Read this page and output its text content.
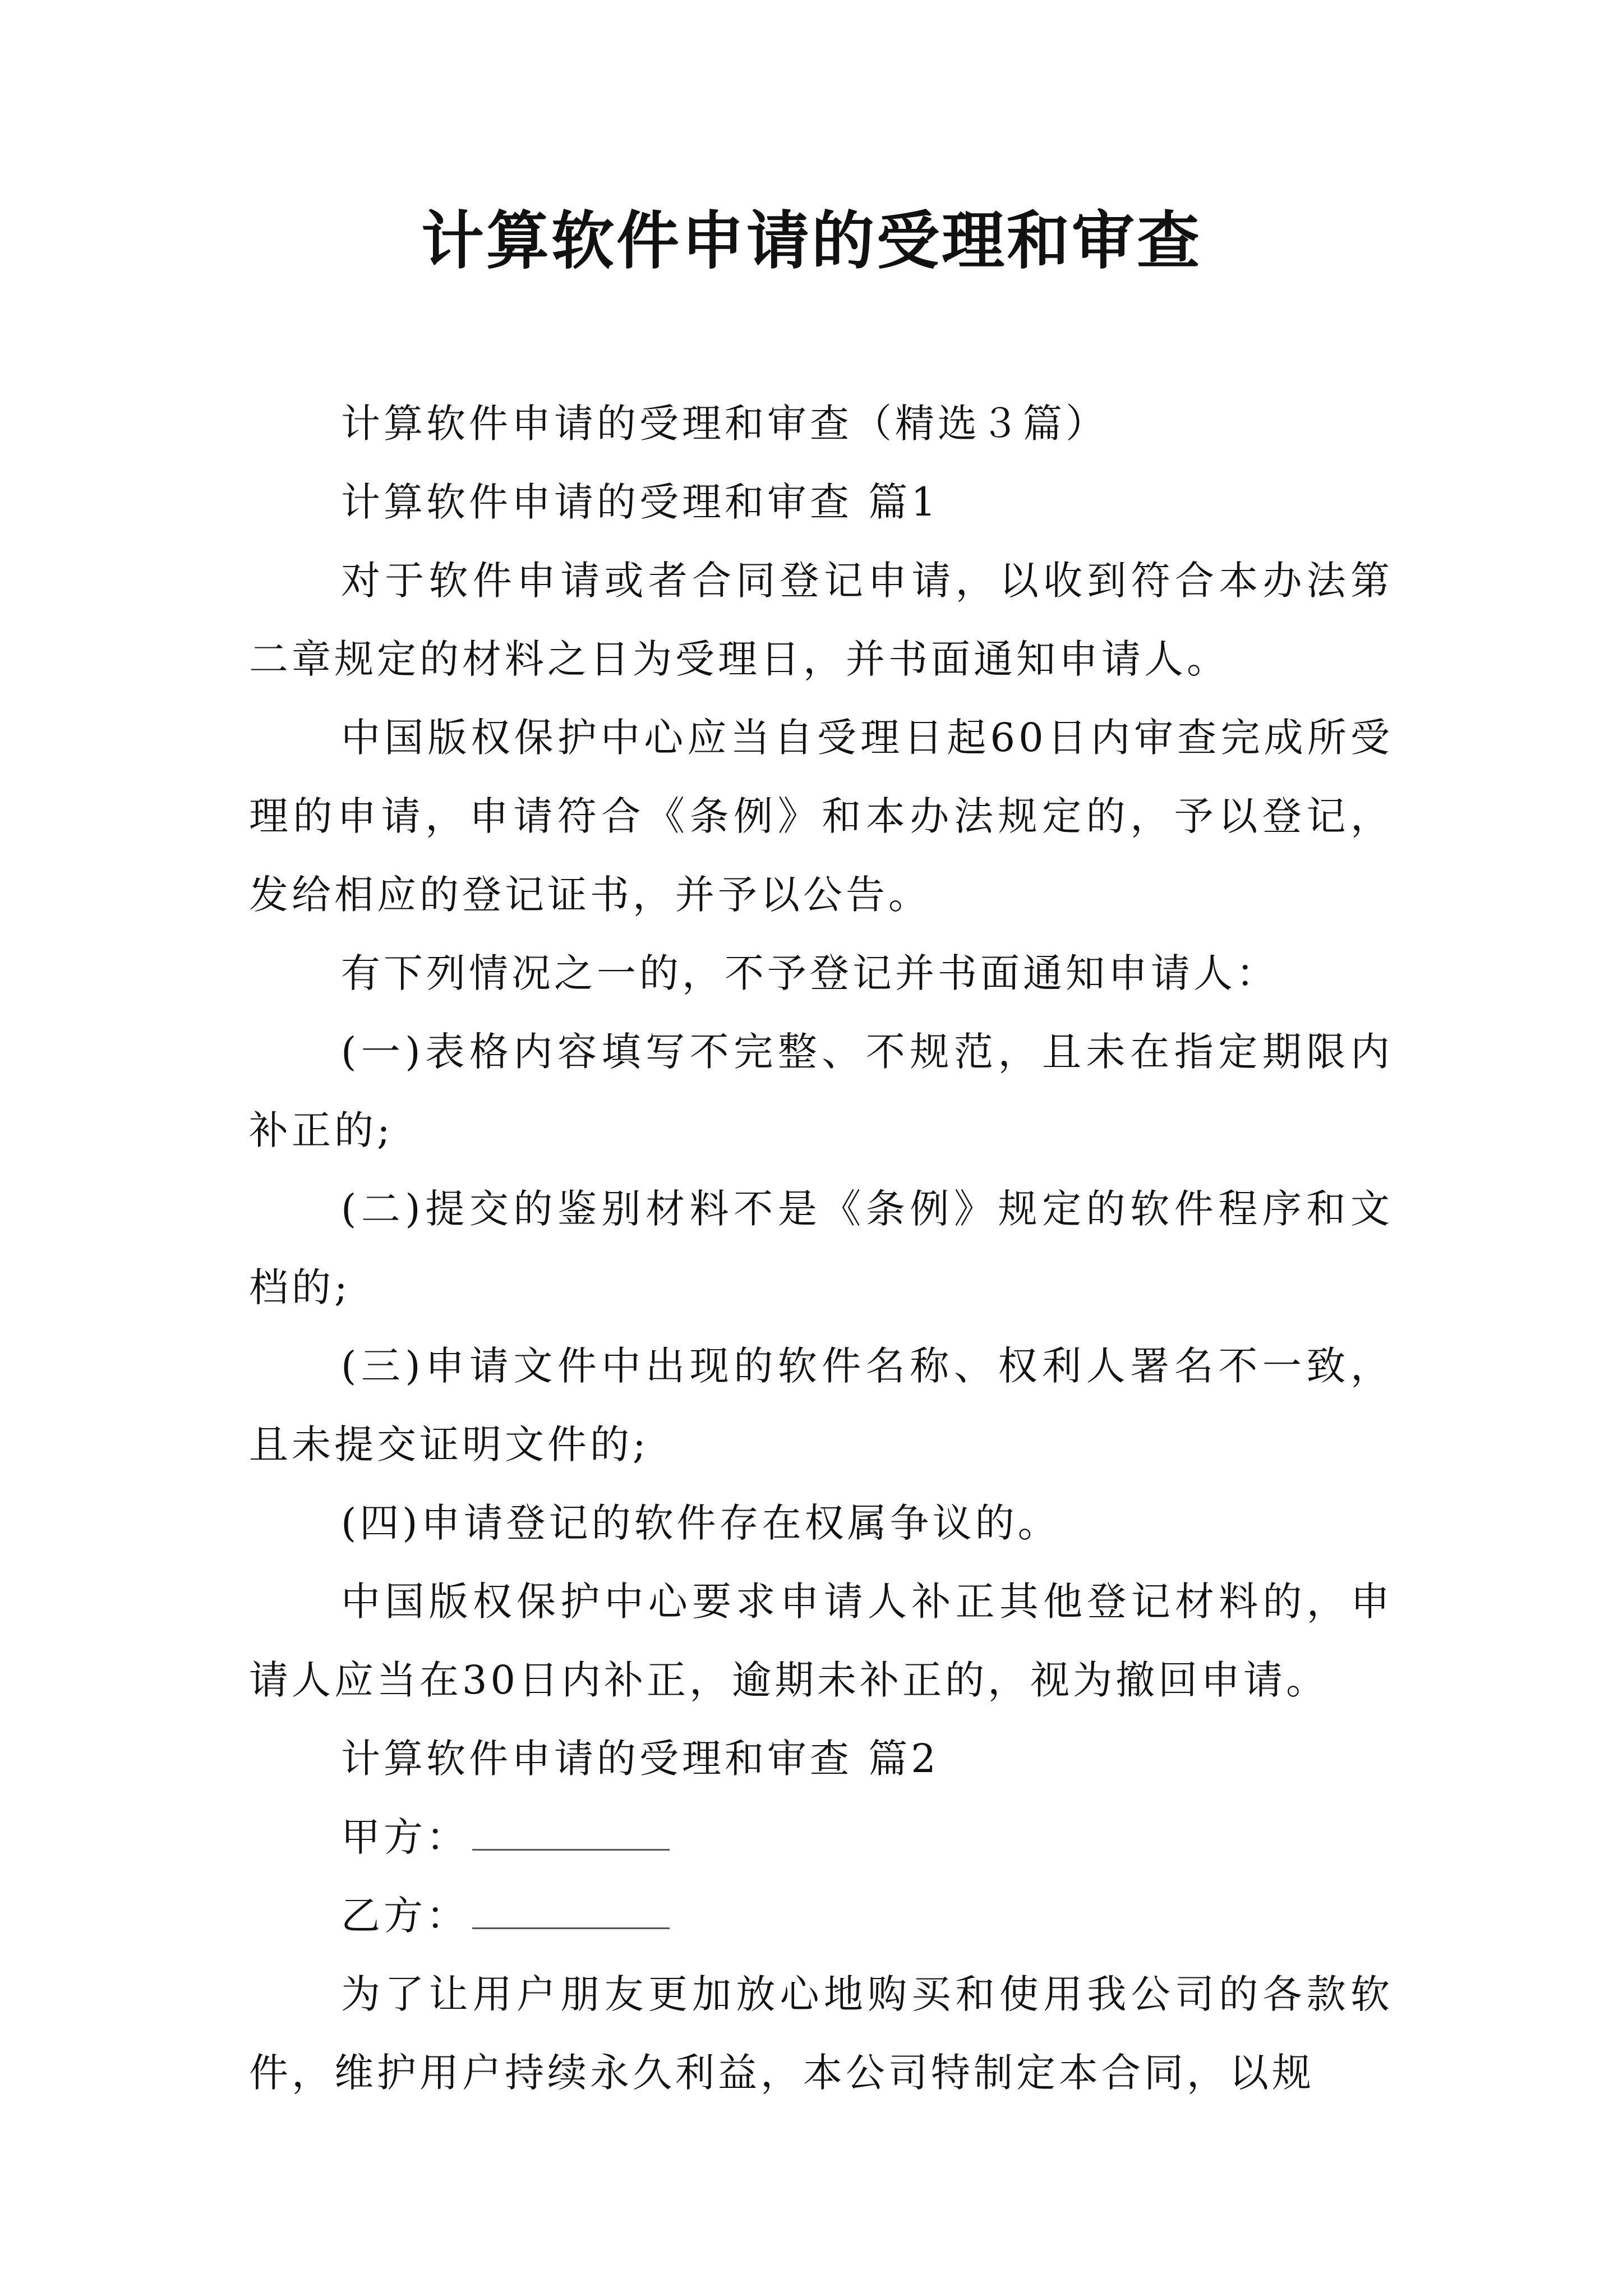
计算软件申请的受理和审查

计算软件申请的受理和审查（精选３篇）

计算软件申请的受理和审查 篇1

对于软件申请或者合同登记申请，以收到符合本办法第二章规定的材料之日为受理日，并书面通知申请人。

中国版权保护中心应当自受理日起60日内审查完成所受理的申请，申请符合《条例》和本办法规定的，予以登记，发给相应的登记证书，并予以公告。

有下列情况之一的，不予登记并书面通知申请人：

(一)表格内容填写不完整、不规范，且未在指定期限内补正的;

(二)提交的鉴别材料不是《条例》规定的软件程序和文档的;

(三)申请文件中出现的软件名称、权利人署名不一致，且未提交证明文件的;

(四)申请登记的软件存在权属争议的。

中国版权保护中心要求申请人补正其他登记材料的，申请人应当在30日内补正，逾期未补正的，视为撤回申请。

计算软件申请的受理和审查 篇2

甲方：

乙方：

为了让用户朋友更加放心地购买和使用我公司的各款软件，维护用户持续永久利益，本公司特制定本合同，以规
